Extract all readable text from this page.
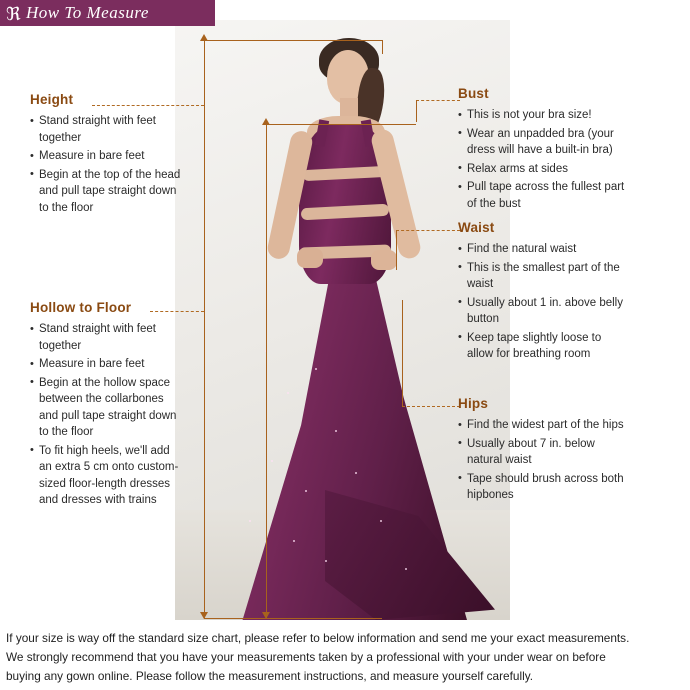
ℜ How To Measure
Height
• Stand straight with feet together
• Measure in bare feet
• Begin at the top of the head and pull tape straight down to the floor
Hollow to Floor
• Stand straight with feet together
• Measure in bare feet
• Begin at the hollow space between the collarbones and pull tape straight down to the floor
• To fit high heels, we'll add an extra 5 cm onto custom-sized floor-length dresses and dresses with trains
Bust
• This is not your bra size!
• Wear an unpadded bra (your dress will have a built-in bra)
• Relax arms at sides
• Pull tape across the fullest part of the bust
Waist
• Find the natural waist
• This is the smallest part of the waist
• Usually about 1 in. above belly button
• Keep tape slightly loose to allow for breathing room
Hips
• Find the widest part of the hips
• Usually about 7 in. below natural waist
• Tape should brush across both hipbones

If your size is way off the standard size chart, please refer to below information and send me your exact measurements.

We strongly recommend that you have your measurements taken by a professional with your under wear on before

buying any gown online. Please follow the measurement instructions, and measure yourself carefully.
